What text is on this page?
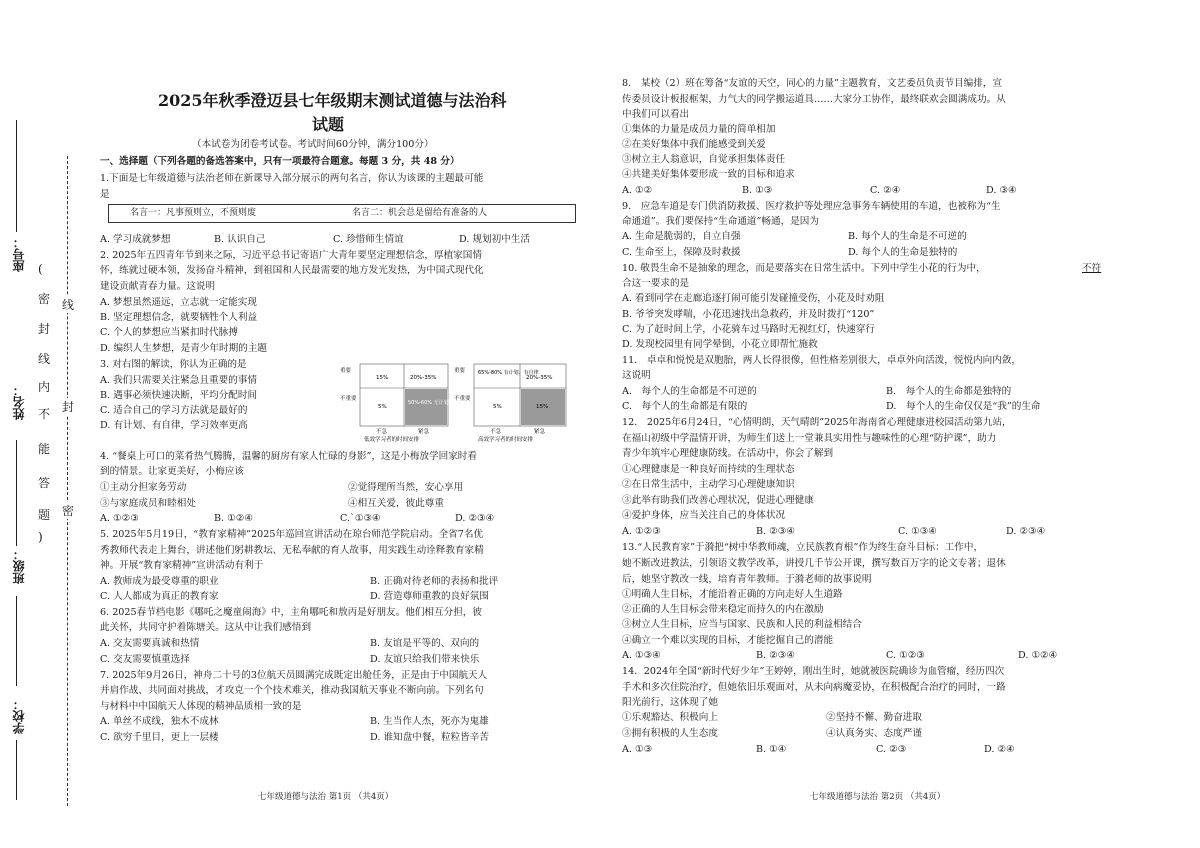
座号：
姓名：
班级：
学校：
(
密
封
线
内
不
能
答
题
)
线
封
密
2025年秋季澄迈县七年级期末测试道德与法治科
试题
（本试卷为闭卷考试卷。考试时间60分钟，满分100分）
一、选择题（下列各题的备选答案中，只有一项最符合题意。每题 3 分，共 48 分）
1.下面是七年级道德与法治老师在新课导入部分展示的两句名言，你认为该课的主题最可能
是
名言一：凡事预则立，不预则废	名言二：机会总是留给有准备的人
A. 学习成就梦想	B. 认识自己	C. 珍惜师生情谊	D. 规划初中生活
2. 2025年五四青年节到来之际，习近平总书记寄语广大青年要坚定理想信念，厚植家国情
怀，练就过硬本领，发扬奋斗精神，到祖国和人民最需要的地方发光发热，为中国式现代化
建设贡献青春力量。这说明
A. 梦想虽然遥远，立志就一定能实现
B. 坚定理想信念，就要牺牲个人利益
C. 个人的梦想应当紧扣时代脉搏
D. 编织人生梦想，是青少年时期的主题
3. 对右图的解读，你认为正确的是
A. 我们只需要关注紧急且重要的事情
B. 遇事必须快速决断，平均分配时间
C. 适合自己的学习方法就是最好的
D. 有计划、有自律，学习效率更高
重要
不重要
15%	20%-35%
5%
50%-60% 无计划，无自律
不急	紧急
低效学习者的时间安排
重要
不重要
65%-80% 有计划、有自律
20%-35%
5%	15%
不急	紧急
高效学习者的时间安排
4. “餐桌上可口的菜肴热气腾腾，温馨的厨房有家人忙碌的身影”，这是小梅放学回家时看
到的情景。让家更美好，小梅应该
①主动分担家务劳动	②觉得理所当然，安心享用
③与家庭成员和睦相处	④相互关爱，彼此尊重
A. ①②③	B. ①②④	C.`①③④	D. ②③④
5. 2025年5月19日，“教育家精神”2025年巡回宣讲活动在琼台师范学院启动。全省7名优
秀教师代表走上舞台，讲述他们躬耕教坛、无私奉献的育人故事，用实践生动诠释教育家精
神。开展“教育家精神”宣讲活动有利于
A. 教师成为最受尊重的职业	B. 正确对待老师的表扬和批评
C. 人人都成为真正的教育家	D. 营造尊师重教的良好氛围
6. 2025春节档电影《哪吒之魔童闹海》中，主角哪吒和敖丙是好朋友。他们相互分担，彼
此关怀，共同守护着陈塘关。这从中让我们感悟到
A. 交友需要真诚和热情	B. 友谊是平等的、双向的
C. 交友需要慎重选择	D. 友谊只给我们带来快乐
7. 2025年9月26日，神舟二十号的3位航天员圆满完成既定出舱任务，正是由于中国航天人
并肩作战、共同面对挑战，才攻克一个个技术难关，推动我国航天事业不断向前。下列名句
与材料中中国航天人体现的精神品质相一致的是
A. 单丝不成线，独木不成林	B. 生当作人杰，死亦为鬼雄
C. 欲穷千里目，更上一层楼	D. 谁知盘中餐，粒粒皆辛苦
七年级道德与法治 第1页 （共4页）
8.　某校（2）班在筹备“友谊的天空，同心的力量”主题教育，文艺委员负责节目编排，宣
传委员设计板报框架，力气大的同学搬运道具……大家分工协作，最终联欢会圆满成功。从
中我们可以看出
①集体的力量是成员力量的简单相加
②在美好集体中我们能感受到关爱
③树立主人翁意识，自觉承担集体责任
④共建美好集体要形成一致的目标和追求
A. ①②	B. ①③	C. ②④	D. ③④
9.　应急车道是专门供消防救援、医疗救护等处理应急事务车辆使用的车道，也被称为“生
命通道”。我们要保持“生命通道”畅通，是因为
A. 生命是脆弱的，自立自强	B. 每个人的生命是不可逆的
C. 生命至上，保障及时救援	D. 每个人的生命是独特的
10. 敬畏生命不是抽象的理念，而是要落实在日常生活中。下列中学生小花的行为中，	不符
合这一要求的是
A. 看到同学在走廊追逐打闹可能引发碰撞受伤，小花及时劝阻
B. 爷爷突发哮喘，小花迅速找出急救药，并及时拨打“120”
C. 为了赶时间上学，小花骑车过马路时无视红灯，快速穿行
D. 发现校园里有同学晕倒，小花立即帮忙施救
11.　卓卓和悦悦是双胞胎，两人长得很像，但性格差别很大，卓卓外向活泼，悦悦内向内敛，
这说明
A.　每个人的生命都是不可逆的	B.　每个人的生命都是独特的
C.　每个人的生命都是有限的	D.　每个人的生命仅仅是“我”的生命
12.　2025年6月24日，“心情明朗，天气晴朗”2025年海南省心理健康进校园活动第九站，
在福山初级中学温情开讲，为师生们送上一堂兼具实用性与趣味性的心理“防护课”，助力
青少年筑牢心理健康防线。在活动中，你会了解到
①心理健康是一种良好而持续的生理状态
②在日常生活中，主动学习心理健康知识
③此举有助我们改善心理状况，促进心理健康
④爱护身体，应当关注自己的身体状况
A. ①②③	B. ②③④	C. ①③④	D. ②③④
13.“人民教育家”于漪把“树中华教师魂，立民族教育根”作为终生奋斗目标：工作中，
她不断改进教法，引领语文教学改革，讲授几千节公开课，撰写数百万字的论文专著；退休
后，她坚守教改一线，培育青年教师。于漪老师的故事说明
①明确人生目标，才能沿着正确的方向走好人生道路
②正确的人生目标会带来稳定而持久的内在激励
③树立人生目标，应当与国家、民族和人民的利益相结合
④确立一个难以实现的目标，才能挖掘自己的潜能
A. ①③④	B. ②③④	C. ①②③	D. ①②④
14．2024年全国“新时代好少年”王婷婷，刚出生时，她就被医院确诊为血管瘤，经历四次
手术和多次住院治疗，但她依旧乐观面对，从未向病魔妥协，在积极配合治疗的同时，一路
阳光前行，这体现了她
①乐观豁达、积极向上	②坚持不懈、勤奋进取
③拥有积极的人生态度	④认真务实、态度严谨
A. ①③	B. ①④	C. ②③	D. ②④
七年级道德与法治 第2页 （共4页）
